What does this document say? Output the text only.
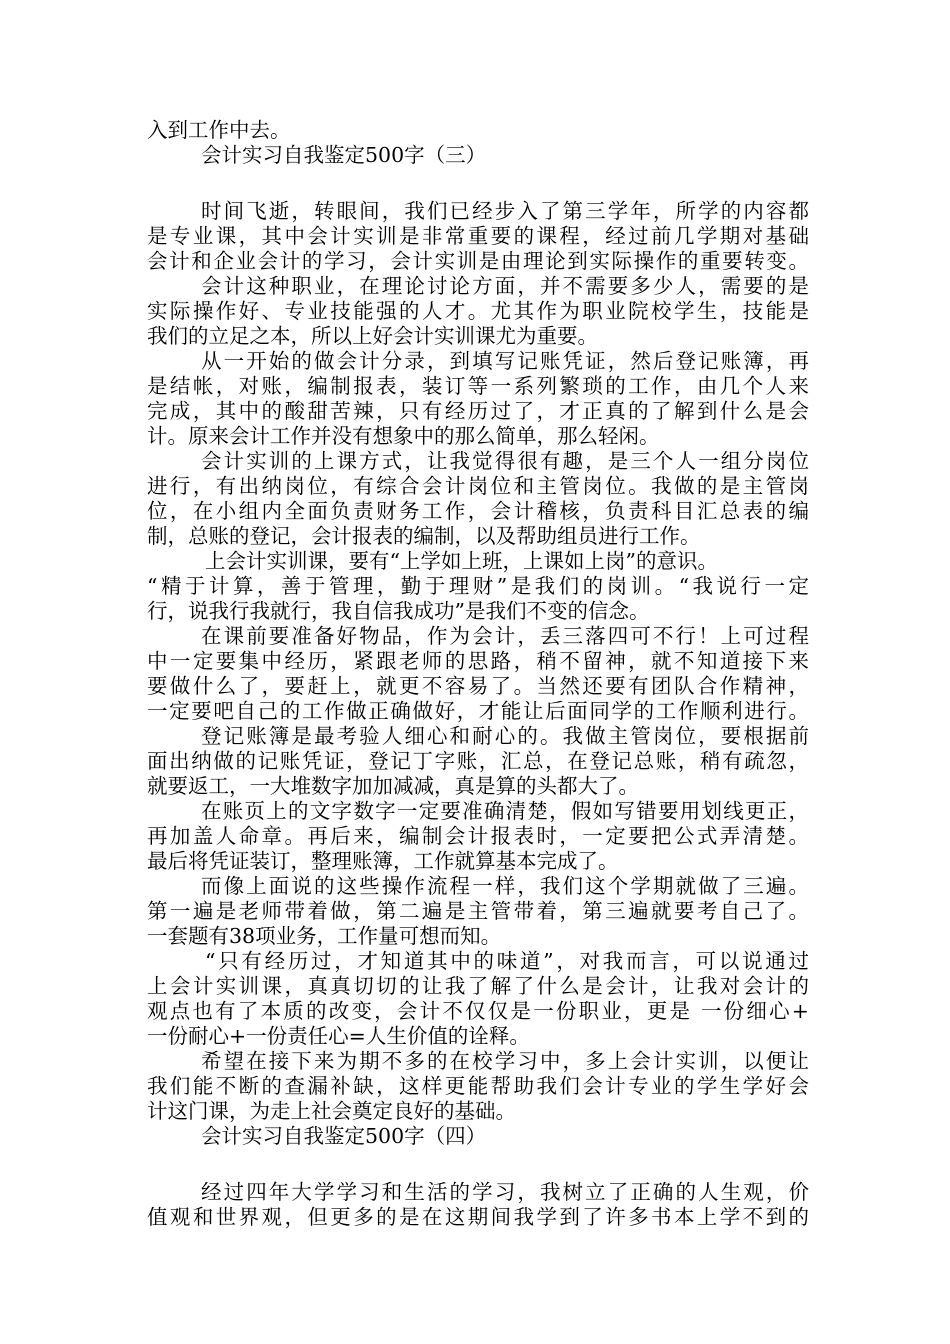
入到工作中去。
会计实习自我鉴定500字（三）
时间飞逝，转眼间，我们已经步入了第三学年，所学的内容都
是专业课，其中会计实训是非常重要的课程，经过前几学期对基础
会计和企业会计的学习，会计实训是由理论到实际操作的重要转变。
会计这种职业，在理论讨论方面，并不需要多少人，需要的是
实际操作好、专业技能强的人才。尤其作为职业院校学生，技能是
我们的立足之本，所以上好会计实训课尤为重要。
从一开始的做会计分录，到填写记账凭证，然后登记账簿，再
是结帐，对账，编制报表，装订等一系列繁琐的工作，由几个人来
完成，其中的酸甜苦辣，只有经历过了，才正真的了解到什么是会
计。原来会计工作并没有想象中的那么简单，那么轻闲。
会计实训的上课方式，让我觉得很有趣，是三个人一组分岗位
进行，有出纳岗位，有综合会计岗位和主管岗位。我做的是主管岗
位，在小组内全面负责财务工作，会计稽核，负责科目汇总表的编
制，总账的登记，会计报表的编制，以及帮助组员进行工作。
上会计实训课，要有“上学如上班，上课如上岗”的意识。
“精于计算，善于管理，勤于理财”是我们的岗训。“我说行一定
行，说我行我就行，我自信我成功”是我们不变的信念。
在课前要准备好物品，作为会计，丢三落四可不行！上可过程
中一定要集中经历，紧跟老师的思路，稍不留神，就不知道接下来
要做什么了，要赶上，就更不容易了。当然还要有团队合作精神，
一定要吧自己的工作做正确做好，才能让后面同学的工作顺利进行。
登记账簿是最考验人细心和耐心的。我做主管岗位，要根据前
面出纳做的记账凭证，登记丁字账，汇总，在登记总账，稍有疏忽，
就要返工，一大堆数字加加减减，真是算的头都大了。
在账页上的文字数字一定要准确清楚，假如写错要用划线更正，
再加盖人命章。再后来，编制会计报表时，一定要把公式弄清楚。
最后将凭证装订，整理账簿，工作就算基本完成了。
而像上面说的这些操作流程一样，我们这个学期就做了三遍。
第一遍是老师带着做，第二遍是主管带着，第三遍就要考自己了。
一套题有38项业务，工作量可想而知。
“只有经历过，才知道其中的味道”，对我而言，可以说通过
上会计实训课，真真切切的让我了解了什么是会计，让我对会计的
观点也有了本质的改变，会计不仅仅是一份职业，更是 一份细心+
一份耐心+一份责任心=人生价值的诠释。
希望在接下来为期不多的在校学习中，多上会计实训，以便让
我们能不断的查漏补缺，这样更能帮助我们会计专业的学生学好会
计这门课，为走上社会奠定良好的基础。
会计实习自我鉴定500字（四）
经过四年大学学习和生活的学习，我树立了正确的人生观，价
值观和世界观，但更多的是在这期间我学到了许多书本上学不到的
